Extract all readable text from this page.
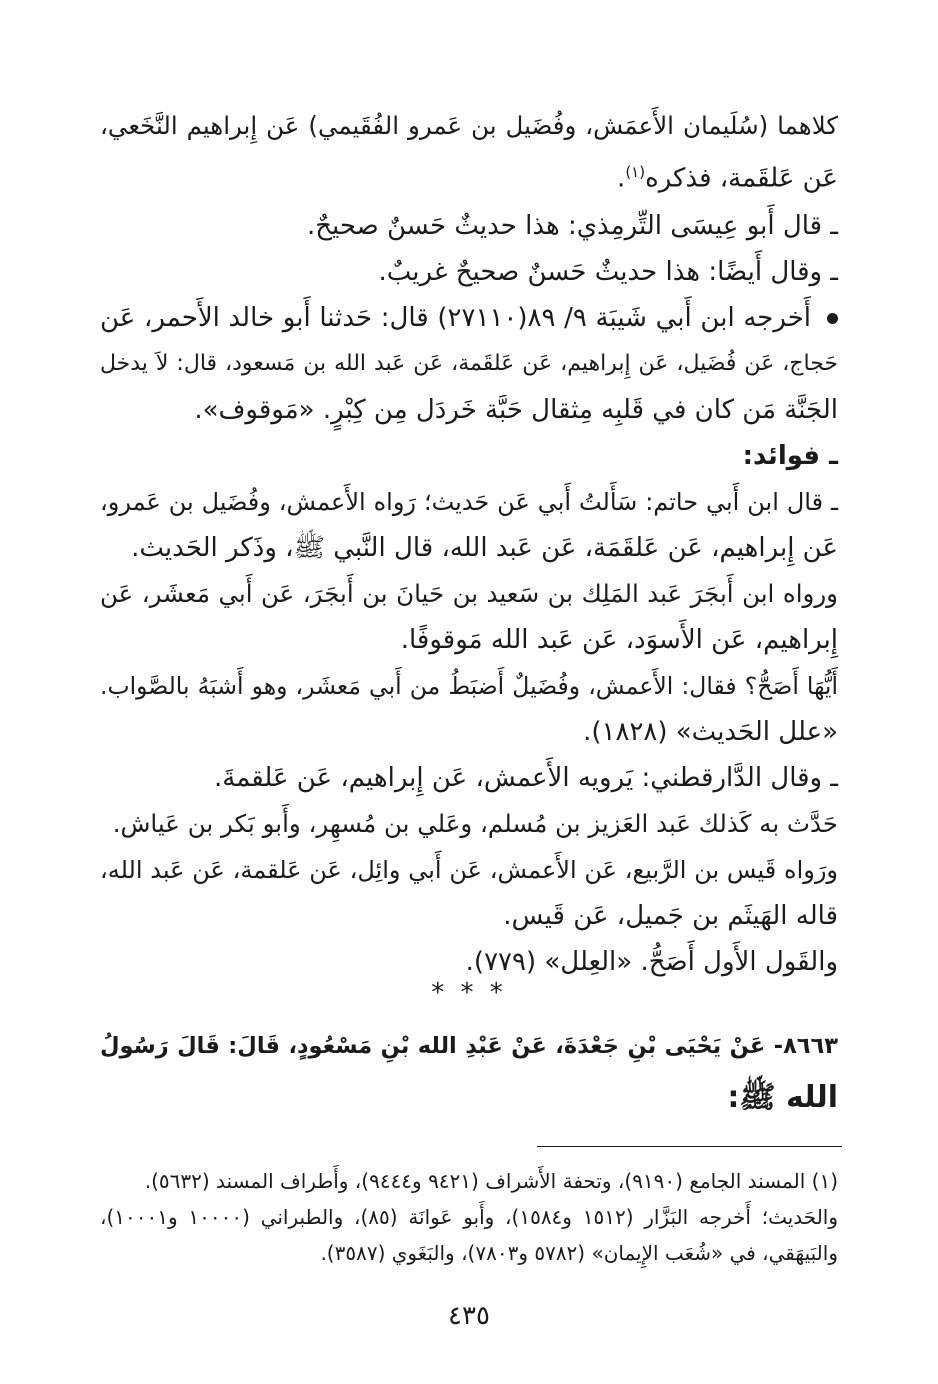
كلاهما (سُلَيمان الأَعمَش، وفُضَيل بن عَمرو الفُقَيمي) عَن إِبراهيم النَّخَعي،
عَن عَلقَمة، فذكره$^{(١)}$.
ـ قال أَبو عِيسَى التِّرمِذي: هذا حديثٌ حَسنٌ صحيحٌ.
ـ وقال أَيضًا: هذا حديثٌ حَسنٌ صحيحٌ غريبٌ.
أَخرجه ابن أَبي شَيبَة ٩/ ٨٩(٢٧١١٠) قال: حَدثنا أَبو خالد الأَحمر، عَن
حَجاج، عَن فُضَيل، عَن إِبراهيم، عَن عَلقَمة، عَن عَبد الله بن مَسعود، قال: لاَ يدخل
الجَنَّة مَن كان في قَلبِه مِثقال حَبَّة خَردَل مِن كِبْرٍ. «مَوقوف».
ـ فوائد:
ـ قال ابن أَبي حاتم: سَأَلتُ أَبي عَن حَديث؛ رَواه الأَعمش، وفُضَيل بن عَمرو،
عَن إِبراهيم، عَن عَلقَمَة، عَن عَبد الله، قال النَّبي ﷺ، وذَكر الحَديث.
ورواه ابن أَبجَرَ عَبد المَلِك بن سَعيد بن حَيانَ بن أَبجَرَ، عَن أَبي مَعشَر، عَن
إِبراهيم، عَن الأَسوَد، عَن عَبد الله مَوقوفًا.
أَيُّهَا أَصَحُّ؟ فقال: الأَعمش، وفُضَيلٌ أَضبَطُ من أَبي مَعشَر، وهو أَشبَهُ بالصَّواب.
«علل الحَديث» (١٨٢٨).
ـ وقال الدَّارقطني: يَرويه الأَعمش، عَن إِبراهيم، عَن عَلقمةَ.
حَدَّث به كَذلك عَبد العَزيز بن مُسلم، وعَلي بن مُسهِر، وأَبو بَكر بن عَياش.
ورَواه قَيس بن الرَّبيع، عَن الأَعمش، عَن أَبي وائِل، عَن عَلقمة، عَن عَبد الله،
قاله الهَيثَم بن جَميل، عَن قَيس.
والقَول الأَول أَصَحُّ. «العِلل» (٧٧٩).
* * *
٨٦٦٣- عَنْ يَحْيَى بْنِ جَعْدَةَ، عَنْ عَبْدِ الله بْنِ مَسْعُودٍ، قَالَ: قَالَ رَسُولُ
الله ﷺ:
(١) المسند الجامع (٩١٩٠)، وتحفة الأَشراف (٩٤٢١ و٩٤٤٤)، وأَطراف المسند (٥٦٣٢).
والحَديث؛ أَخرجه البَزَّار (١٥١٢ و١٥٨٤)، وأَبو عَوانَة (٨٥)، والطبراني (١٠٠٠٠ و١٠٠٠١)،
والبَيهَقي، في «شُعَب الإِيمان» (٥٧٨٢ و٧٨٠٣)، والبَغَوي (٣٥٨٧).
٤٣٥
